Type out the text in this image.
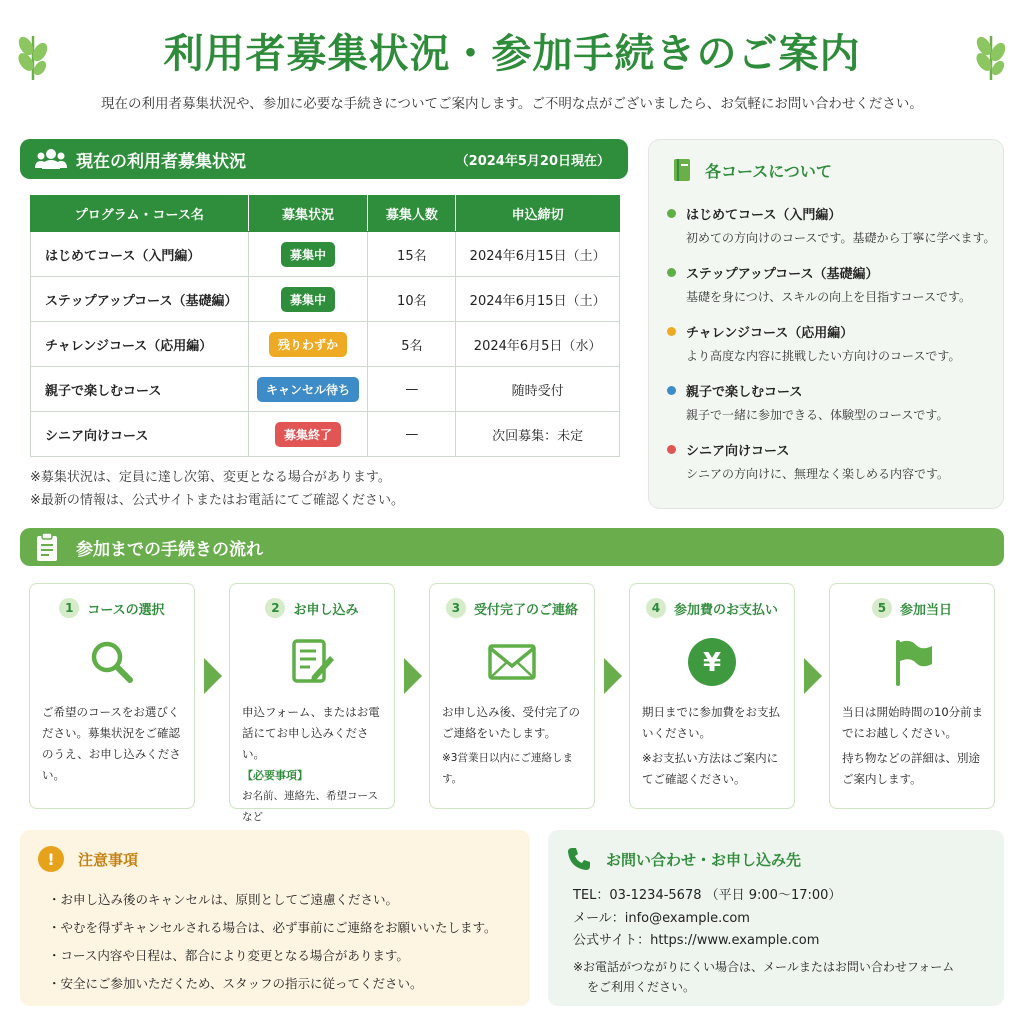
利用者募集状況・参加手続きのご案内
現在の利用者募集状況や、参加に必要な手続きについてご案内します。ご不明な点がございましたら、お気軽にお問い合わせください。
現在の利用者募集状況	（2024年5月20日現在）
プログラム・コース名	募集状況	募集人数	申込締切
はじめてコース（入門編）	募集中	15名	2024年6月15日（土）
ステップアップコース（基礎編）	募集中	10名	2024年6月15日（土）
チャレンジコース（応用編）	残りわずか	5名	2024年6月5日（水）
親子で楽しむコース	キャンセル待ち	—	随時受付
シニア向けコース	募集終了	—	次回募集：未定
※募集状況は、定員に達し次第、変更となる場合があります。
※最新の情報は、公式サイトまたはお電話にてご確認ください。
各コースについて
はじめてコース（入門編）
初めての方向けのコースです。基礎から丁寧に学べます。
ステップアップコース（基礎編）
基礎を身につけ、スキルの向上を目指すコースです。
チャレンジコース（応用編）
より高度な内容に挑戦したい方向けのコースです。
親子で楽しむコース
親子で一緒に参加できる、体験型のコースです。
シニア向けコース
シニアの方向けに、無理なく楽しめる内容です。
参加までの手続きの流れ
1	コースの選択
ご希望のコースをお選びください。募集状況をご確認のうえ、お申し込みください。
2	お申し込み
申込フォーム、またはお電話にてお申し込みください。
【必要事項】
お名前、連絡先、希望コース など
3	受付完了のご連絡
お申し込み後、受付完了のご連絡をいたします。
※3営業日以内にご連絡します。
4	参加費のお支払い
¥
期日までに参加費をお支払いください。
※お支払い方法はご案内にてご確認ください。
5	参加当日
当日は開始時間の10分前までにお越しください。
持ち物などの詳細は、別途ご案内します。
!	注意事項
・ お申し込み後のキャンセルは、原則としてご遠慮ください。
・ やむを得ずキャンセルされる場合は、必ず事前にご連絡をお願いいたします。
・ コース内容や日程は、都合により変更となる場合があります。
・ 安全にご参加いただくため、スタッフの指示に従ってください。
お問い合わせ・お申し込み先
TEL：03-1234-5678 （平日 9:00〜17:00）
メール：info@example.com
公式サイト：https://www.example.com
※お電話がつながりにくい場合は、メールまたはお問い合わせフォーム
をご利用ください。
